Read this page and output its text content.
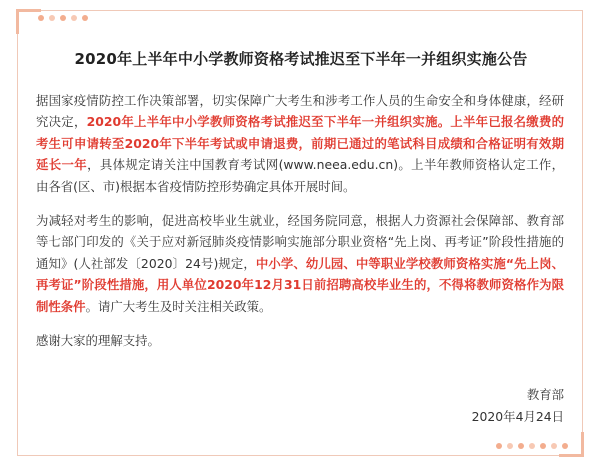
2020年上半年中小学教师资格考试推迟至下半年一并组织实施公告

据国家疫情防控工作决策部署，切实保障广大考生和涉考工作人员的生命安全和身体健康，经研究决定，2020年上半年中小学教师资格考试推迟至下半年一并组织实施。上半年已报名缴费的考生可申请转至2020年下半年考试或申请退费，前期已通过的笔试科目成绩和合格证明有效期延长一年，具体规定请关注中国教育考试网(www.neea.edu.cn)。上半年教师资格认定工作，由各省(区、市)根据本省疫情防控形势确定具体开展时间。

为减轻对考生的影响，促进高校毕业生就业，经国务院同意，根据人力资源社会保障部、教育部等七部门印发的《关于应对新冠肺炎疫情影响实施部分职业资格“先上岗、再考证”阶段性措施的通知》(人社部发〔2020〕24号)规定，中小学、幼儿园、中等职业学校教师资格实施“先上岗、再考证”阶段性措施，用人单位2020年12月31日前招聘高校毕业生的，不得将教师资格作为限制性条件。请广大考生及时关注相关政策。

感谢大家的理解支持。

教育部
2020年4月24日
